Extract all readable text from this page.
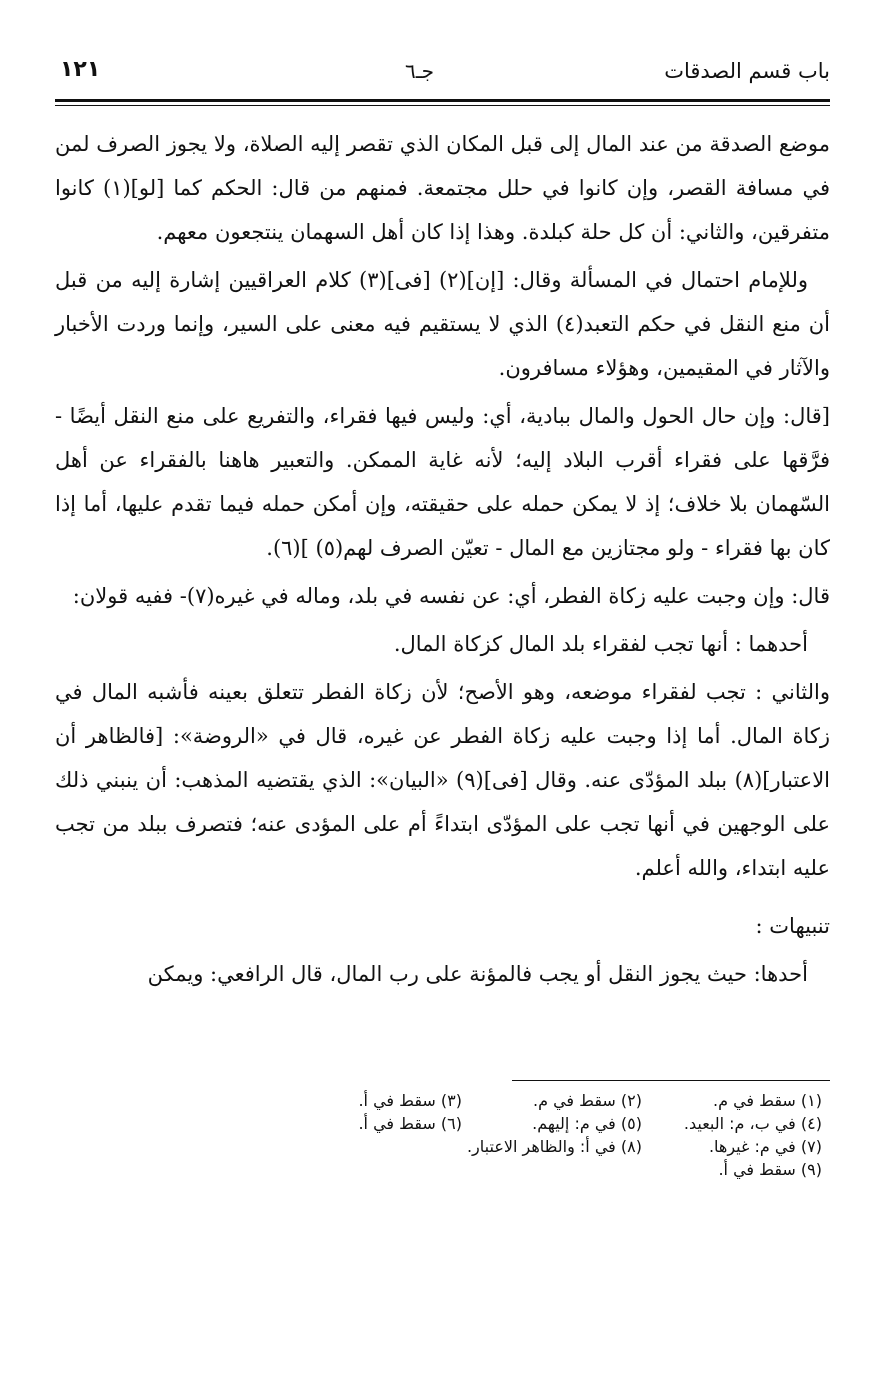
باب قسم الصدقات
جـ٦
١٢١

موضع الصدقة من عند المال إلى قبل المكان الذي تقصر إليه الصلاة، ولا يجوز الصرف لمن في مسافة القصر، وإن كانوا في حلل مجتمعة. فمنهم من قال: الحكم كما [لو](١) كانوا متفرقين، والثاني: أن كل حلة كبلدة. وهذا إذا كان أهل السهمان ينتجعون معهم.

وللإمام احتمال في المسألة وقال: [إن](٢) [فى](٣) كلام العراقيين إشارة إليه من قبل أن منع النقل في حكم التعبد(٤) الذي لا يستقيم فيه معنى على السير، وإنما وردت الأخبار والآثار في المقيمين، وهؤلاء مسافرون.

[قال: وإن حال الحول والمال ببادية، أي: وليس فيها فقراء، والتفريع على منع النقل أيضًا - فرَّقها على فقراء أقرب البلاد إليه؛ لأنه غاية الممكن. والتعبير هاهنا بالفقراء عن أهل السّهمان بلا خلاف؛ إذ لا يمكن حمله على حقيقته، وإن أمكن حمله فيما تقدم عليها، أما إذا كان بها فقراء - ولو مجتازين مع المال - تعيّن الصرف لهم(٥) ](٦).

قال: وإن وجبت عليه زكاة الفطر، أي: عن نفسه في بلد، وماله في غيره(٧)- ففيه قولان:

أحدهما : أنها تجب لفقراء بلد المال كزكاة المال.

والثاني : تجب لفقراء موضعه، وهو الأصح؛ لأن زكاة الفطر تتعلق بعينه فأشبه المال في زكاة المال. أما إذا وجبت عليه زكاة الفطر عن غيره، قال في «الروضة»: [فالظاهر أن الاعتبار](٨) ببلد المؤدّى عنه. وقال [فى](٩) «البيان»: الذي يقتضيه المذهب: أن ينبني ذلك على الوجهين في أنها تجب على المؤدّى ابتداءً أم على المؤدى عنه؛ فتصرف ببلد من تجب عليه ابتداء، والله أعلم.

تنبيهات :

أحدها: حيث يجوز النقل أو يجب فالمؤنة على رب المال، قال الرافعي: ويمكن

(١) سقط في م.
(٢) سقط في م.
(٣) سقط في أ.
(٤) في ب، م: البعيد.
(٥) في م: إليهم.
(٦) سقط في أ.
(٧) في م: غيرها.
(٨) في أ: والظاهر الاعتبار.
(٩) سقط في أ.
